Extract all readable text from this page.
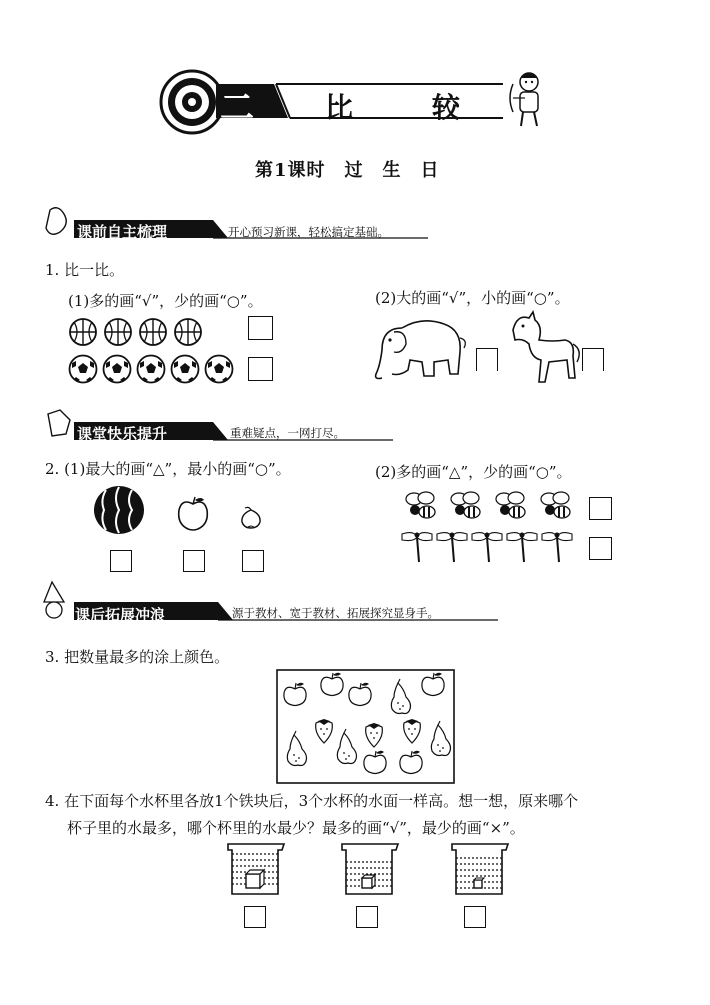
二	比	较
第1课时　过　生　日
课前自主梳理	开心预习新课，轻松搞定基础。
1. 比一比。
(1)多的画“√”，少的画“○”。	(2)大的画“√”，小的画“○”。
课堂快乐提升	重难疑点，一网打尽。
2. (1)最大的画“△”，最小的画“○”。	(2)多的画“△”，少的画“○”。
课后拓展冲浪	源于教材、宽于教材、拓展探究显身手。
3. 把数量最多的涂上颜色。
4. 在下面每个水杯里各放1个铁块后，3个水杯的水面一样高。想一想，原来哪个
杯子里的水最多，哪个杯里的水最少？最多的画“√”，最少的画“×”。
